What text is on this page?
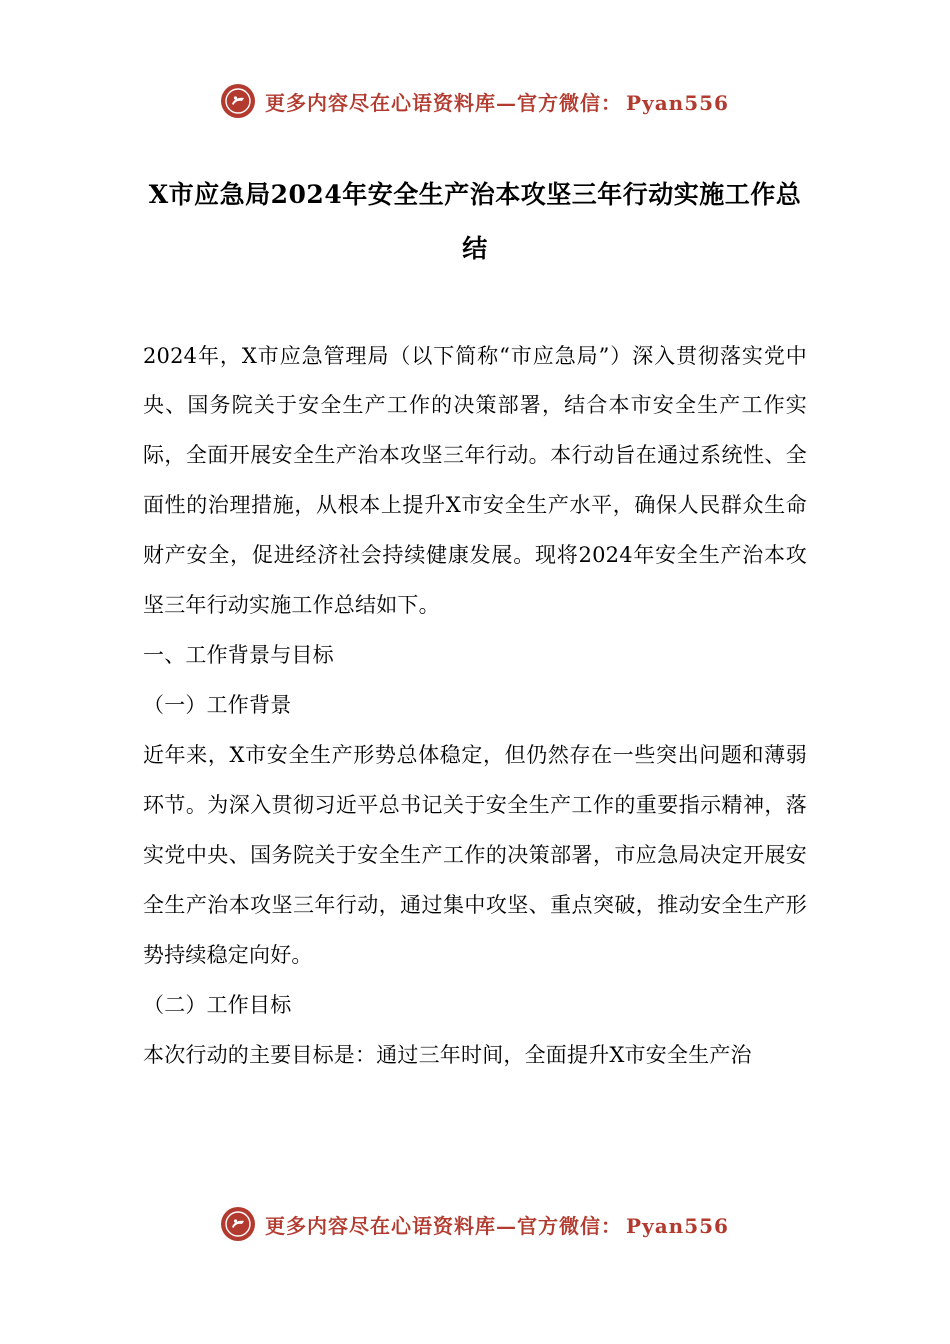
更多内容尽在心语资料库—官方微信： Pyan556
X市应急局2024年安全生产治本攻坚三年行动实施工作总结

2024年，X市应急管理局（以下简称“市应急局”）深入贯彻落实党中央、国务院关于安全生产工作的决策部署，结合本市安全生产工作实际，全面开展安全生产治本攻坚三年行动。本行动旨在通过系统性、全面性的治理措施，从根本上提升X市安全生产水平，确保人民群众生命财产安全，促进经济社会持续健康发展。现将2024年安全生产治本攻坚三年行动实施工作总结如下。

一、工作背景与目标

（一）工作背景

近年来，X市安全生产形势总体稳定，但仍然存在一些突出问题和薄弱环节。为深入贯彻习近平总书记关于安全生产工作的重要指示精神，落实党中央、国务院关于安全生产工作的决策部署，市应急局决定开展安全生产治本攻坚三年行动，通过集中攻坚、重点突破，推动安全生产形势持续稳定向好。

（二）工作目标

本次行动的主要目标是：通过三年时间，全面提升X市安全生产治

更多内容尽在心语资料库—官方微信： Pyan556
